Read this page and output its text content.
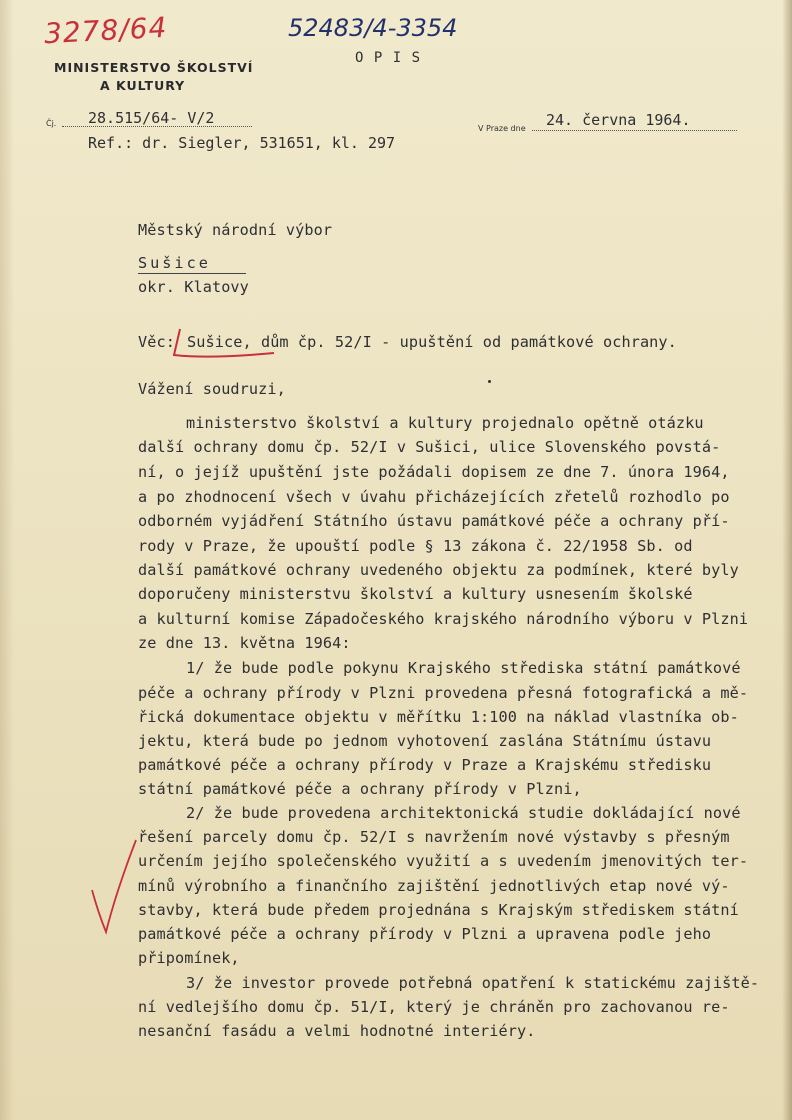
3278/64	52483/4-3354
O P I S
MINISTERSTVO ŠKOLSTVÍ
A KULTURY
Čj. 28.515/64- V/2
Ref.: dr. Siegler, 531651, kl. 297
V Praze dne 24. června 1964.
Městský národní výbor
Sušice
okr. Klatovy
Věc: Sušice, dům čp. 52/I - upuštění od památkové ochrany.
Vážení soudruzi,
ministerstvo školství a kultury projednalo opětně otázku
další ochrany domu čp. 52/I v Sušici, ulice Slovenského povstá-
ní, o jejíž upuštění jste požádali dopisem ze dne 7. února 1964,
a po zhodnocení všech v úvahu přicházejících zřetelů rozhodlo po
odborném vyjádření Státního ústavu památkové péče a ochrany pří-
rody v Praze, že upouští podle § 13 zákona č. 22/1958 Sb. od
další památkové ochrany uvedeného objektu za podmínek, které byly
doporučeny ministerstvu školství a kultury usnesením školské
a kulturní komise Západočeského krajského národního výboru v Plzni
ze dne 13. května 1964:
1/ že bude podle pokynu Krajského střediska státní památkové
péče a ochrany přírody v Plzni provedena přesná fotografická a mě-
řická dokumentace objektu v měřítku 1:100 na náklad vlastníka ob-
jektu, která bude po jednom vyhotovení zaslána Státnímu ústavu
památkové péče a ochrany přírody v Praze a Krajskému středisku
státní památkové péče a ochrany přírody v Plzni,
2/ že bude provedena architektonická studie dokládající nové
řešení parcely domu čp. 52/I s navržením nové výstavby s přesným
určením jejího společenského využití a s uvedením jmenovitých ter-
mínů výrobního a finančního zajištění jednotlivých etap nové vý-
stavby, která bude předem projednána s Krajským střediskem státní
památkové péče a ochrany přírody v Plzni a upravena podle jeho
připomínek,
3/ že investor provede potřebná opatření k statickému zajiště-
ní vedlejšího domu čp. 51/I, který je chráněn pro zachovanou re-
nesanční fasádu a velmi hodnotné interiéry.
